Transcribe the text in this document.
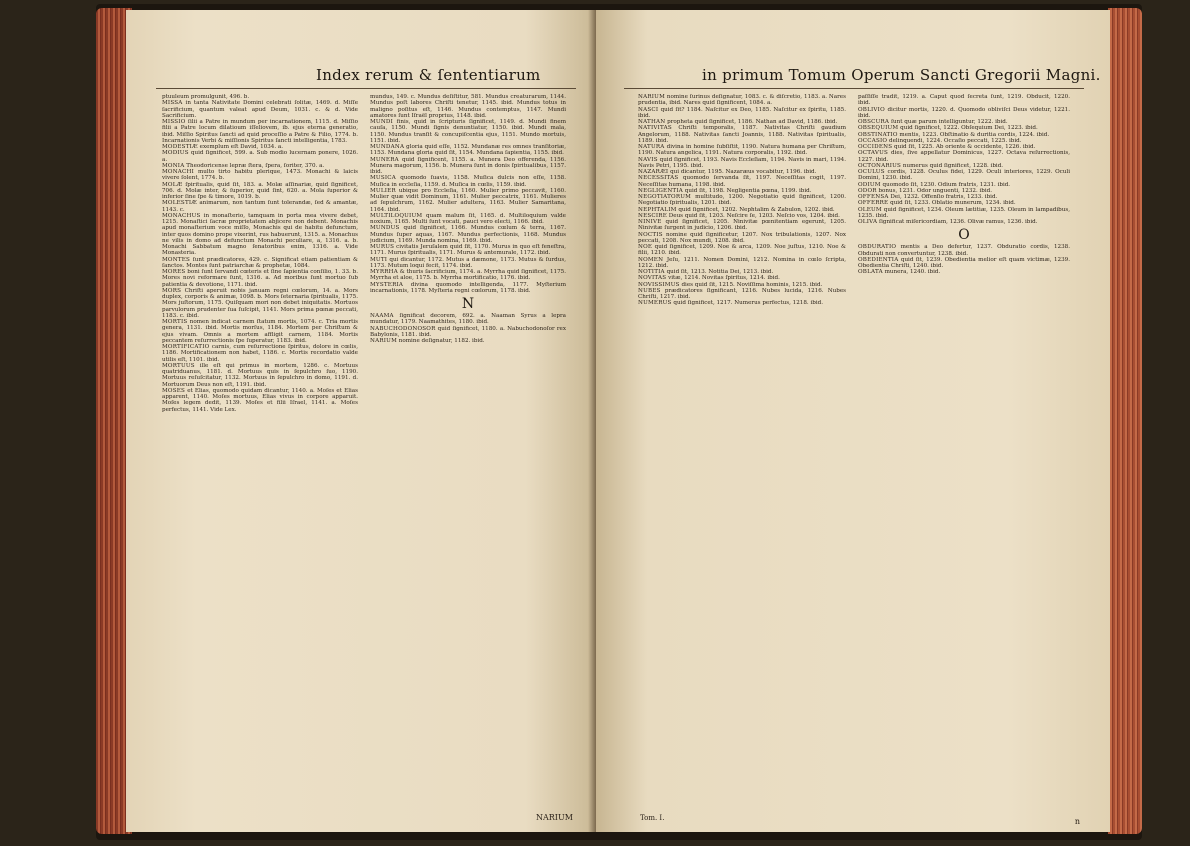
Index rerum & ſententiarum

ptuuleum promulgunit, 496. b.

MISSA in tanta Nativitate Domini celebrati ſolitæ, 1469. d. Miſſe ſacrificium, quantum valeat apud Deum, 1031. c. & d. Vide Sacrificium.

MISSIO ſilii a Patre in mundum per incarnationem, 1115. d. Miſſio filii a Patre locum dilatioum iſſeliovem, ib. ejus eterna generatio, ibid. Miſſio Spiritus ſancti ad quid proceſſio a Patre & Filio, 1774. b. Incarnationis Verbi & miſſionis Spiritus ſancti intelligentia, 1783.

MODESTIÆ exemplum eſt David, 1034. a.

MODIUS quid ſignificet, 599. a. Sub modio lucernam ponere, 1026. a.

MONIA Theodoricense lepræ ſtera, ſpera, ſoriter, 370. a.

MONACHI multo tirto habitu plerique, 1473. Monachi & laicis vivere ſolent, 1774. b.

MOLÆ ſpiritualis, quid ſit, 183. a. Molæ aſſinariæ, quid ſignificet, 706. d. Molæ inter, & ſuperior, quid ſint, 620. a. Mola ſuperior & inferior ſine ſpe & timore, 1019. b.

MOLESTIÆ animarum, non tantum ſunt tolerandæ, ſed & amantæ, 1143. c.

MONACHUS in monaſterio, tamquam in porta mea vivere debet, 1215. Monaſtici ſacræ proprietatem abjicere non debent. Monachis apud monaſterium voce miſſo, Monachis qui de habitu defunctum, inter quos domino prope vixerint, rus habuerunt, 1315. a. Monachus ne vilis in domo ad defunctum Monachi peculiare, a, 1316. a. b. Monachi Sabbatum magno ſenatoribus enim, 1316. a. Vide Monasteria.

MONTES ſunt prædicatores, 429. c. Significat etiam patientiam & ſanctos. Montes ſunt patriarchæ & prophetæ, 1084.

MORES boni ſunt ſervandi cœteris et ſine ſapientia conſilio, 1. 33. b. Mores novi reformare ſunt, 1316. a. Ad moribus ſunt mortuo ſub patientia & devotione, 1171. ibid.

MORS Chriſti aperuit nobis januam regni cœlorum, 14. a. Mors duplex, corporis & animæ, 1098. b. Mors ſeternaria ſpiritualis, 1175. Mors juſtorum, 1175. Quiſquam mori non debet iniquitatis. Mortuos parvulorum prudenter ſua ſuſcipit, 1141. Mors prima pœnæ peccati, 1183. c. ibid.

MORTIS nomen indicat carnem ſtatum mortis, 1074. c. Tria mortis genera, 1131. ibid. Mortis morſus, 1184. Mortem per Chriſtum & ejus vivam. Omnis a mortem affligit carnem, 1184. Mortis peccantem reſurrectionis ſpe ſuperatur, 1183. ibid.

MORTIFICATIO carnis, cum reſurrectione ſpiritus, dolore in cœlis, 1186. Mortificationem non habet, 1186. c. Mortis recordatio valde utilis eſt, 1101. ibid.

MORTUUS ille eſt qui primus in mortem, 1286. c. Mortuus quatriduanus, 1181. d. Mortuus quis in ſepulchro ſuo, 1190. Mortuus reſuſcitatur, 1132. Mortuus in ſepulchro in domo, 1191. d. Mortuorum Deus non eſt, 1191. ibid.

MOSES et Elias, quomodo quidam dicantur, 1140. a. Moſes et Elias apparent, 1140. Moſes mortuus, Elias vivus in corpore apparuit. Moſes legem dedit, 1139. Moſes et filii Iſrael, 1141. a. Moſes perfectus, 1141. Vide Lex.

mundus, 149. c. Mundus deſiſtitur, 581. Mundus creaturarum, 1144. Mundus poſt labores Chriſti tenetur, 1145. ibid. Mundus totus in maligno poſitus eſt, 1146. Mundus contemptus, 1147. Mundi amatores ſunt Iſraël proprius, 1148. ibid.

MUNDI finis, quid in ſcripturis ſignificet, 1149. d. Mundi finem cauſa, 1150. Mundi ſignis denuntiatur, 1150. ibid. Mundi mala, 1150. Mundus tranſit & concupiſcentia ejus, 1151. Mundo mortuis, 1151. ibid.

MUNDANA gloria quid eſſe, 1152. Mundanæ res omnes tranſitoriæ, 1153. Mundana gloria quid ſit, 1154. Mundana ſapientia, 1155. ibid.

MUNERA quid ſignificent, 1155. a. Munera Deo offerenda, 1156. Munera magorum, 1156. b. Munera ſunt in donis ſpiritualibus, 1157. ibid.

MUSICA quomodo ſuavis, 1158. Muſica dulcis non eſſe, 1158. Muſica in eccleſia, 1159. d. Muſica in cœlis, 1159. ibid.

MULIER ubique pro Eccleſia, 1160. Mulier primo peccavit, 1160. Mulier quæ vidit Dominum, 1161. Mulier peccatrix, 1161. Mulieres ad ſepulchrum, 1162. Mulier adultera, 1163. Mulier Samaritana, 1164. ibid.

MULTILOQUIUM quam malum ſit, 1165. d. Multiloquium valde noxium, 1165. Multi ſunt vocati, pauci vero electi, 1166. ibid.

MUNDUS quid ſignificet, 1166. Mundus cœlum & terra, 1167. Mundus ſuper aquas, 1167. Mundus perfectionis, 1168. Mundus judicium, 1169. Munda nomina, 1169. ibid.

MURUS civitatis Jeruſalem quid ſit, 1170. Murus in quo eſt feneſtra, 1171. Murus ſpiritualis, 1171. Murus & antemurale, 1172. ibid.

MUTI qui dicantur, 1172. Mutus a dæmone, 1173. Mutus & ſurdus, 1173. Mutum loqui fecit, 1174. ibid.

MYRRHA & thuris ſacrificium, 1174. a. Myrrha quid ſignificet, 1175. Myrrha et aloe, 1175. b. Myrrha mortificatio, 1176. ibid.

MYSTERIA divina quomodo intelligenda, 1177. Myſterium incarnationis, 1178. Myſteria regni cœlorum, 1178. ibid.

N

NAAMA ſignificat decorem, 692. a. Naaman Syrus a lepra mundatur, 1179. Naamathites, 1180. ibid.

NABUCHODONOSOR quid ſignificet, 1180. a. Nabuchodonoſor rex Babylonis, 1181. ibid.

NARIUM nomine deſignatur, 1182. ibid.

NARIUM
in primum Tomum Operum Sancti Gregorii Magni.

NARIUM nomine ſurinus deſignatur, 1083. c. & diſcretio, 1183. a. Nares prudentia, ibid. Nares quid ſignificent, 1084. a.

NASCI quid ſit? 1184. Naſcitur ex Deo, 1185. Naſcitur ex ſpiritu, 1185. ibid.

NATHAN propheta quid ſignificet, 1186. Nathan ad David, 1186. ibid.

NATIVITAS Chriſti temporalis, 1187. Nativitas Chriſti gaudium Angelorum, 1188. Nativitas ſancti Joannis, 1188. Nativitas ſpiritualis, 1189. ibid.

NATURA divina in homine ſubſiſtit, 1190. Natura humana per Chriſtum, 1190. Natura angelica, 1191. Natura corporalis, 1192. ibid.

NAVIS quid ſignificet, 1193. Navis Eccleſiam, 1194. Navis in mari, 1194. Navis Petri, 1195. ibid.

NAZARÆI qui dicantur, 1195. Nazaræus vocabitur, 1196. ibid.

NECESSITAS quomodo ſervanda ſit, 1197. Neceſſitas cogit, 1197. Neceſſitas humana, 1198. ibid.

NEGLIGENTIA quid ſit, 1198. Negligentia pœna, 1199. ibid.

NEGOTIATORUM multitudo, 1200. Negotiatio quid ſignificet, 1200. Negotiatio ſpiritualis, 1201. ibid.

NEPHTALIM quid ſignificet, 1202. Nephtalim & Zabulon, 1202. ibid.

NESCIRE Deus quid ſit, 1203. Neſcire ſe, 1203. Neſcio vos, 1204. ibid.

NINIVE quid ſignificet, 1205. Ninivitæ pœnitentiam egerunt, 1205. Ninivitæ ſurgent in judicio, 1206. ibid.

NOCTIS nomine quid ſignificetur, 1207. Nox tribulationis, 1207. Nox peccati, 1208. Nox mundi, 1208. ibid.

NOE quid ſignificet, 1209. Noe & arca, 1209. Noe juſtus, 1210. Noe & filii, 1210. ibid.

NOMEN Jeſu, 1211. Nomen Domini, 1212. Nomina in cœlo ſcripta, 1212. ibid.

NOTITIA quid ſit, 1213. Notitia Dei, 1213. ibid.

NOVITAS vitæ, 1214. Novitas ſpiritus, 1214. ibid.

NOVISSIMUS dies quid ſit, 1215. Noviſſima hominis, 1215. ibid.

NUBES prædicatores ſignificant, 1216. Nubes lucida, 1216. Nubes Chriſti, 1217. ibid.

NUMERUS quid ſignificet, 1217. Numerus perfectus, 1218. ibid.

paſſiſſe tradit, 1219. a. Caput quod ſecreta ſunt, 1219. Obducit, 1220. ibid.

OBLIVIO dicitur mortis, 1220. d. Quomodo obliviſci Deus videtur, 1221. ibid.

OBSCURA ſunt quæ parum intelliguntur, 1222. ibid.

OBSEQUIUM quid ſignificet, 1222. Obſequium Dei, 1223. ibid.

OBSTINATIO mentis, 1223. Obſtinatio & duritia cordis, 1224. ibid.

OCCASIO delinquendi, 1224. Occaſio peccati, 1225. ibid.

OCCIDENS quid ſit, 1225. Ab oriente & occidente, 1226. ibid.

OCTAVUS dies, ſive appellatur Dominicus, 1227. Octava reſurrectionis, 1227. ibid.

OCTONARIUS numerus quid ſignificet, 1228. ibid.

OCULUS cordis, 1228. Oculus fidei, 1229. Oculi interiores, 1229. Oculi Domini, 1230. ibid.

ODIUM quomodo ſit, 1230. Odium fratris, 1231. ibid.

ODOR bonus, 1231. Odor unguenti, 1232. ibid.

OFFENSA Dei, 1232. Offenſio fratris, 1233. ibid.

OFFERRE quid ſit, 1233. Oblatio munerum, 1234. ibid.

OLEUM quid ſignificet, 1234. Oleum lætitiæ, 1235. Oleum in lampadibus, 1235. ibid.

OLIVA ſignificat miſericordiam, 1236. Olivæ ramus, 1236. ibid.

O

OBDURATIO mentis a Deo defertur, 1237. Obduratio cordis, 1238. Obdurati non convertuntur, 1238. ibid.

OBEDIENTIA quid ſit, 1239. Obedientia melior eſt quam victimæ, 1239. Obedientia Chriſti, 1240. ibid.

OBLATA munera, 1240. ibid.

Tom. I.	n
